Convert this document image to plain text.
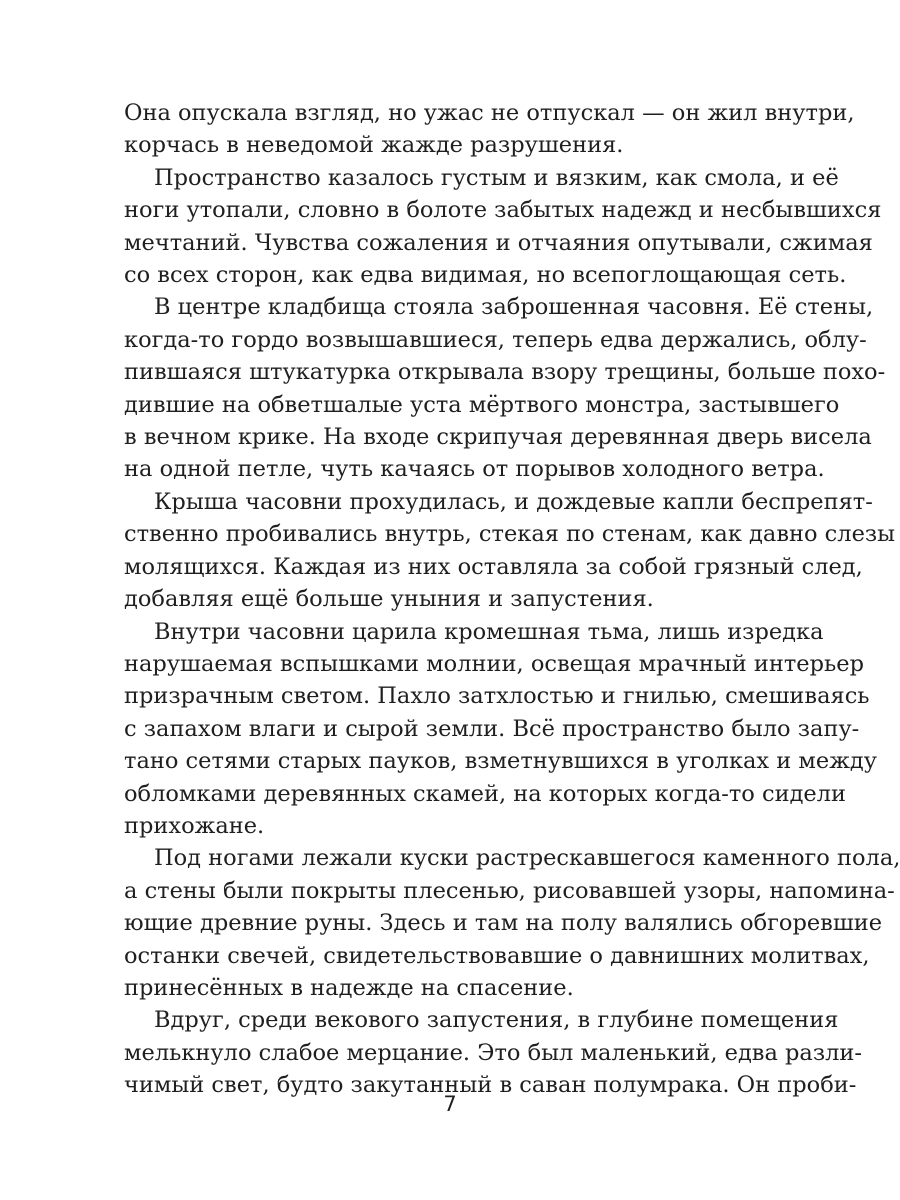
Она опускала взгляд, но ужас не отпускал — он жил внутри,
корчась в неведомой жажде разрушения.
Пространство казалось густым и вязким, как смола, и её
ноги утопали, словно в болоте забытых надежд и несбывшихся
мечтаний. Чувства сожаления и отчаяния опутывали, сжимая
со всех сторон, как едва видимая, но всепоглощающая сеть.
В центре кладбища стояла заброшенная часовня. Её стены,
когда-то гордо возвышавшиеся, теперь едва держались, облу-
пившаяся штукатурка открывала взору трещины, больше похо-
дившие на обветшалые уста мёртвого монстра, застывшего
в вечном крике. На входе скрипучая деревянная дверь висела
на одной петле, чуть качаясь от порывов холодного ветра.
Крыша часовни прохудилась, и дождевые капли беспрепят-
ственно пробивались внутрь, стекая по стенам, как давно слезы
молящихся. Каждая из них оставляла за собой грязный след,
добавляя ещё больше уныния и запустения.
Внутри часовни царила кромешная тьма, лишь изредка
нарушаемая вспышками молнии, освещая мрачный интерьер
призрачным светом. Пахло затхлостью и гнилью, смешиваясь
с запахом влаги и сырой земли. Всё пространство было запу-
тано сетями старых пауков, взметнувшихся в уголках и между
обломками деревянных скамей, на которых когда-то сидели
прихожане.
Под ногами лежали куски растрескавшегося каменного пола,
а стены были покрыты плесенью, рисовавшей узоры, напомина-
ющие древние руны. Здесь и там на полу валялись обгоревшие
останки свечей, свидетельствовавшие о давнишних молитвах,
принесённых в надежде на спасение.
Вдруг, среди векового запустения, в глубине помещения
мелькнуло слабое мерцание. Это был маленький, едва разли-
чимый свет, будто закутанный в саван полумрака. Он проби-
7
